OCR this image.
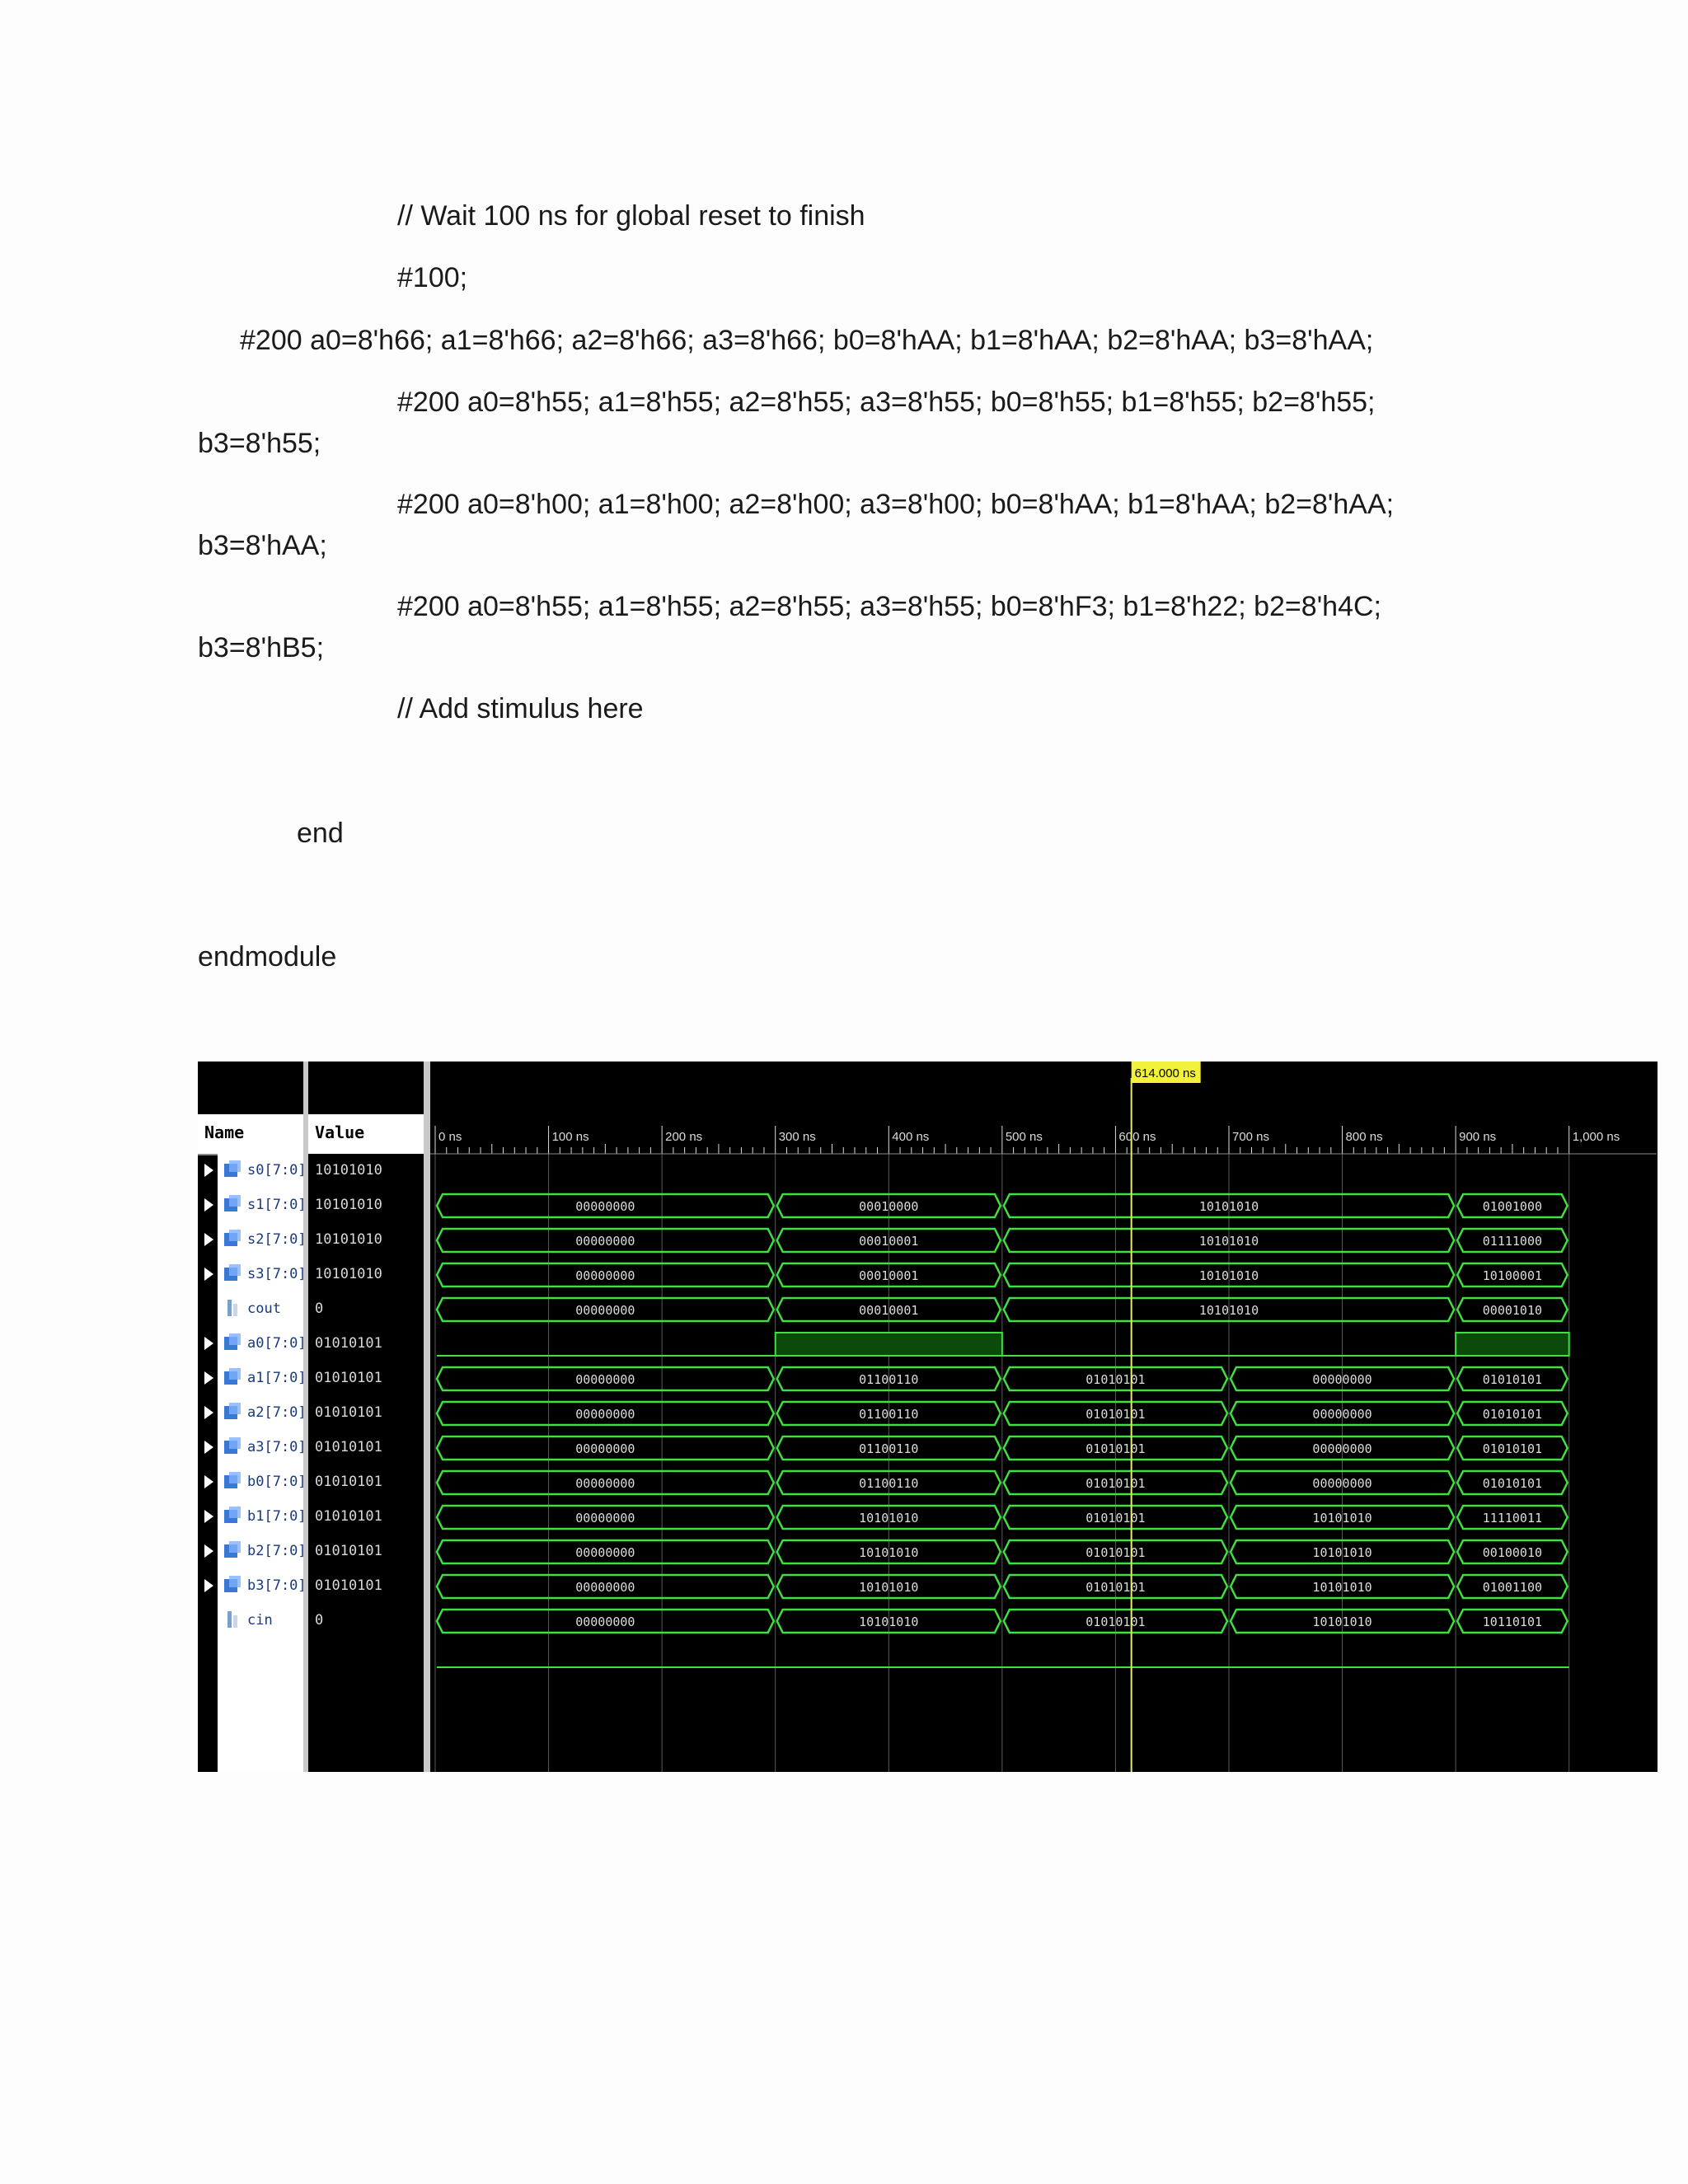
// Wait 100 ns for global reset to finish
#100;
#200 a0=8'h66; a1=8'h66; a2=8'h66; a3=8'h66; b0=8'hAA; b1=8'hAA; b2=8'hAA; b3=8'hAA;
#200 a0=8'h55; a1=8'h55; a2=8'h55; a3=8'h55; b0=8'h55; b1=8'h55; b2=8'h55;
b3=8'h55;
#200 a0=8'h00; a1=8'h00; a2=8'h00; a3=8'h00; b0=8'hAA; b1=8'hAA; b2=8'hAA;
b3=8'hAA;
#200 a0=8'h55; a1=8'h55; a2=8'h55; a3=8'h55; b0=8'hF3; b1=8'h22; b2=8'h4C;
b3=8'hB5;
// Add stimulus here
end
endmodule
Name	Value
s0[7:0] 10101010
s1[7:0] 10101010
s2[7:0] 10101010
s3[7:0] 10101010
cout 0
a0[7:0] 01010101
a1[7:0] 01010101
a2[7:0] 01010101
a3[7:0] 01010101
b0[7:0] 01010101
b1[7:0] 01010101
b2[7:0] 01010101
b3[7:0] 01010101
cin	0
0 ns	100 ns	200 ns	300 ns	400 ns	500 ns	600 ns	700 ns	800 ns	900 ns	1,000 ns
00000000	00010000	10101010	01001000
00000000	00010001	10101010	01111000
00000000	00010001	10101010	10100001
00000000	00010001	10101010	00001010
00000000	01100110	01010101	00000000	01010101
00000000	01100110	01010101	00000000	01010101
00000000	01100110	01010101	00000000	01010101
00000000	01100110	01010101	00000000	01010101
00000000	10101010	01010101	10101010	11110011
00000000	10101010	01010101	10101010	00100010
00000000	10101010	01010101	10101010	01001100
00000000	10101010	01010101	10101010	10110101
614.000 ns
